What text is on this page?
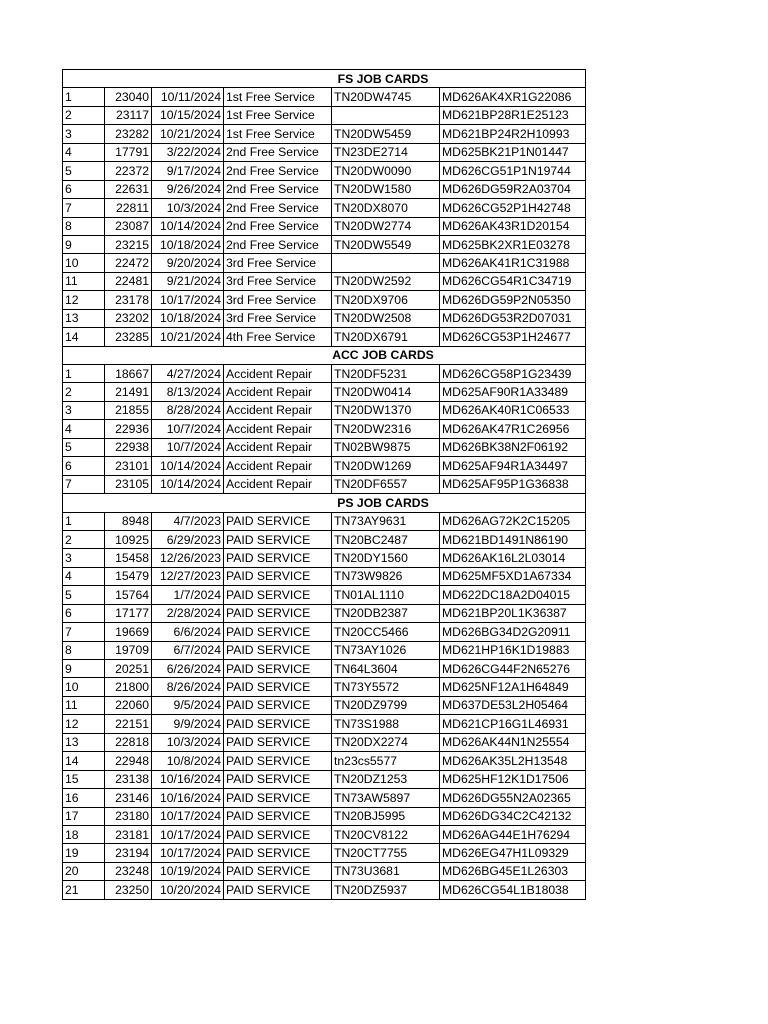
FS JOB CARDS					
1	23040	10/11/2024	1st Free Service	TN20DW4745	MD626AK4XR1G22086
2	23117	10/15/2024	1st Free Service		MD621BP28R1E25123
3	23282	10/21/2024	1st Free Service	TN20DW5459	MD621BP24R2H10993
4	17791	3/22/2024	2nd Free Service	TN23DE2714	MD625BK21P1N01447
5	22372	9/17/2024	2nd Free Service	TN20DW0090	MD626CG51P1N19744
6	22631	9/26/2024	2nd Free Service	TN20DW1580	MD626DG59R2A03704
7	22811	10/3/2024	2nd Free Service	TN20DX8070	MD626CG52P1H42748
8	23087	10/14/2024	2nd Free Service	TN20DW2774	MD626AK43R1D20154
9	23215	10/18/2024	2nd Free Service	TN20DW5549	MD625BK2XR1E03278
10	22472	9/20/2024	3rd Free Service		MD626AK41R1C31988
11	22481	9/21/2024	3rd Free Service	TN20DW2592	MD626CG54R1C34719
12	23178	10/17/2024	3rd Free Service	TN20DX9706	MD626DG59P2N05350
13	23202	10/18/2024	3rd Free Service	TN20DW2508	MD626DG53R2D07031
14	23285	10/21/2024	4th Free Service	TN20DX6791	MD626CG53P1H24677
ACC JOB CARDS					
1	18667	4/27/2024	Accident Repair	TN20DF5231	MD626CG58P1G23439
2	21491	8/13/2024	Accident Repair	TN20DW0414	MD625AF90R1A33489
3	21855	8/28/2024	Accident Repair	TN20DW1370	MD626AK40R1C06533
4	22936	10/7/2024	Accident Repair	TN20DW2316	MD626AK47R1C26956
5	22938	10/7/2024	Accident Repair	TN02BW9875	MD626BK38N2F06192
6	23101	10/14/2024	Accident Repair	TN20DW1269	MD625AF94R1A34497
7	23105	10/14/2024	Accident Repair	TN20DF6557	MD625AF95P1G36838
PS JOB CARDS					
1	8948	4/7/2023	PAID SERVICE	TN73AY9631	MD626AG72K2C15205
2	10925	6/29/2023	PAID SERVICE	TN20BC2487	MD621BD1491N86190
3	15458	12/26/2023	PAID SERVICE	TN20DY1560	MD626AK16L2L03014
4	15479	12/27/2023	PAID SERVICE	TN73W9826	MD625MF5XD1A67334
5	15764	1/7/2024	PAID SERVICE	TN01AL1110	MD622DC18A2D04015
6	17177	2/28/2024	PAID SERVICE	TN20DB2387	MD621BP20L1K36387
7	19669	6/6/2024	PAID SERVICE	TN20CC5466	MD626BG34D2G20911
8	19709	6/7/2024	PAID SERVICE	TN73AY1026	MD621HP16K1D19883
9	20251	6/26/2024	PAID SERVICE	TN64L3604	MD626CG44F2N65276
10	21800	8/26/2024	PAID SERVICE	TN73Y5572	MD625NF12A1H64849
11	22060	9/5/2024	PAID SERVICE	TN20DZ9799	MD637DE53L2H05464
12	22151	9/9/2024	PAID SERVICE	TN73S1988	MD621CP16G1L46931
13	22818	10/3/2024	PAID SERVICE	TN20DX2274	MD626AK44N1N25554
14	22948	10/8/2024	PAID SERVICE	tn23cs5577	MD626AK35L2H13548
15	23138	10/16/2024	PAID SERVICE	TN20DZ1253	MD625HF12K1D17506
16	23146	10/16/2024	PAID SERVICE	TN73AW5897	MD626DG55N2A02365
17	23180	10/17/2024	PAID SERVICE	TN20BJ5995	MD626DG34C2C42132
18	23181	10/17/2024	PAID SERVICE	TN20CV8122	MD626AG44E1H76294
19	23194	10/17/2024	PAID SERVICE	TN20CT7755	MD626EG47H1L09329
20	23248	10/19/2024	PAID SERVICE	TN73U3681	MD626BG45E1L26303
21	23250	10/20/2024	PAID SERVICE	TN20DZ5937	MD626CG54L1B18038
